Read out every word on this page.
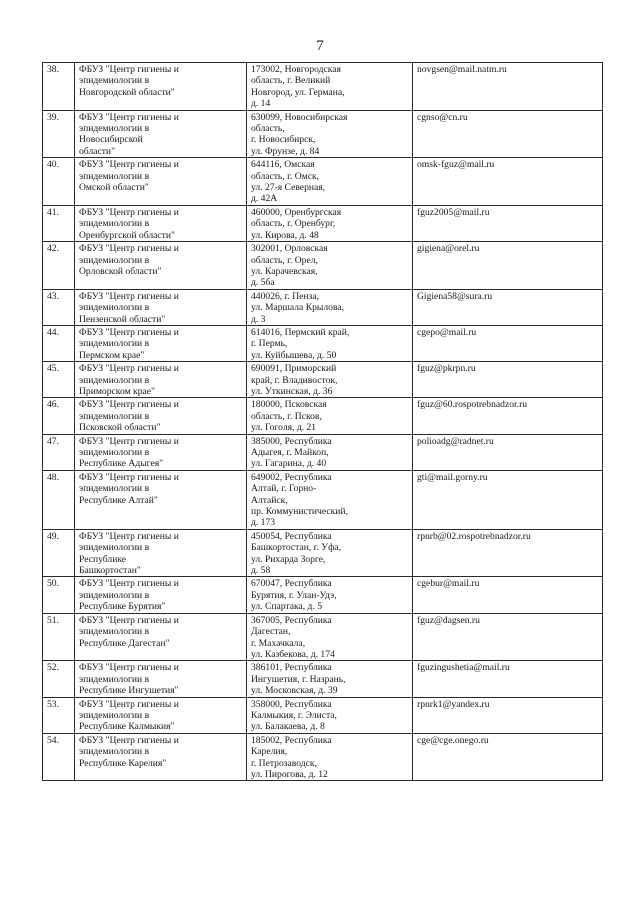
7
38.	ФБУЗ "Центр гигиены и
эпидемиологии в
Новгородской области"	173002, Новгородская
область, г. Великий
Новгород, ул. Германа,
д. 14	novgsen@mail.natm.ru
39.	ФБУЗ "Центр гигиены и
эпидемиологии в
Новосибирской
области"	630099, Новосибирская
область,
г. Новосибирск,
ул. Фрунзе, д. 84	cgnso@cn.ru
40.	ФБУЗ "Центр гигиены и
эпидемиологии в
Омской области"	644116, Омская
область, г. Омск,
ул. 27-я Северная,
д. 42А	omsk-fguz@mail.ru
41.	ФБУЗ "Центр гигиены и
эпидемиологии в
Оренбургской области"	460000, Оренбургская
область, г. Оренбург,
ул. Кирова, д. 48	fguz2005@mail.ru
42.	ФБУЗ "Центр гигиены и
эпидемиологии в
Орловской области"	302001, Орловская
область, г. Орел,
ул. Карачевская,
д. 5ба	gigiena@orel.ru
43.	ФБУЗ "Центр гигиены и
эпидемиологии в
Пензенской области"	440026, г. Пенза,
ул. Маршала Крылова,
д. 3	Gigiena58@sura.ru
44.	ФБУЗ "Центр гигиены и
эпидемиологии в
Пермском крае"	614016, Пермский край,
г. Пермь,
ул. Куйбышева, д. 50	cgepo@mail.ru
45.	ФБУЗ "Центр гигиены и
эпидемиологии в
Приморском крае"	690091, Приморский
край, г. Владивосток,
ул. Уткинская, д. 36	fguz@pkrpn.ru
46.	ФБУЗ "Центр гигиены и
эпидемиологии в
Псковской области"	180000, Псковская
область, г. Псков,
ул. Гоголя, д. 21	fguz@60.rospotrebnadzor.ru
47.	ФБУЗ "Центр гигиены и
эпидемиологии в
Республике Адыгея"	385000, Республика
Адыгея, г. Майкоп,
ул. Гагарина, д. 40	polioadg@radnet.ru
48.	ФБУЗ "Центр гигиены и
эпидемиологии в
Республике Алтай"	649002, Республика
Алтай, г. Горно-
Алтайск,
пр. Коммунистический,
д. 173	gti@mail.gorny.ru
49.	ФБУЗ "Центр гигиены и
эпидемиологии в
Республике
Башкортостан"	450054, Республика
Башкортостан, г. Уфа,
ул. Рихарда Зорге,
д. 58	rpnrb@02.rospotrebnadzor.ru
50.	ФБУЗ "Центр гигиены и
эпидемиологии в
Республике Бурятия"	670047, Республика
Бурятия, г. Улан-Удэ,
ул. Спартака, д. 5	cgebur@mail.ru
51.	ФБУЗ "Центр гигиены и
эпидемиологии в
Республике Дагестан"	367005, Республика
Дагестан,
г. Махачкала,
ул. Казбекова, д. 174	fguz@dagsen.ru
52.	ФБУЗ "Центр гигиены и
эпидемиологии в
Республике Ингушетия"	386101, Республика
Ингушетия, г. Назрань,
ул. Московская, д. 39	fguzingushetia@mail.ru
53.	ФБУЗ "Центр гигиены и
эпидемиологии в
Республике Калмыкия"	358000, Республика
Калмыкия, г. Элиста,
ул. Балакаева, д. 8	rpnrk1@yandex.ru
54.	ФБУЗ "Центр гигиены и
эпидемиологии в
Республике Карелия"	185002, Республика
Карелия,
г. Петрозаводск,
ул. Пирогова, д. 12	cge@cge.onego.ru
